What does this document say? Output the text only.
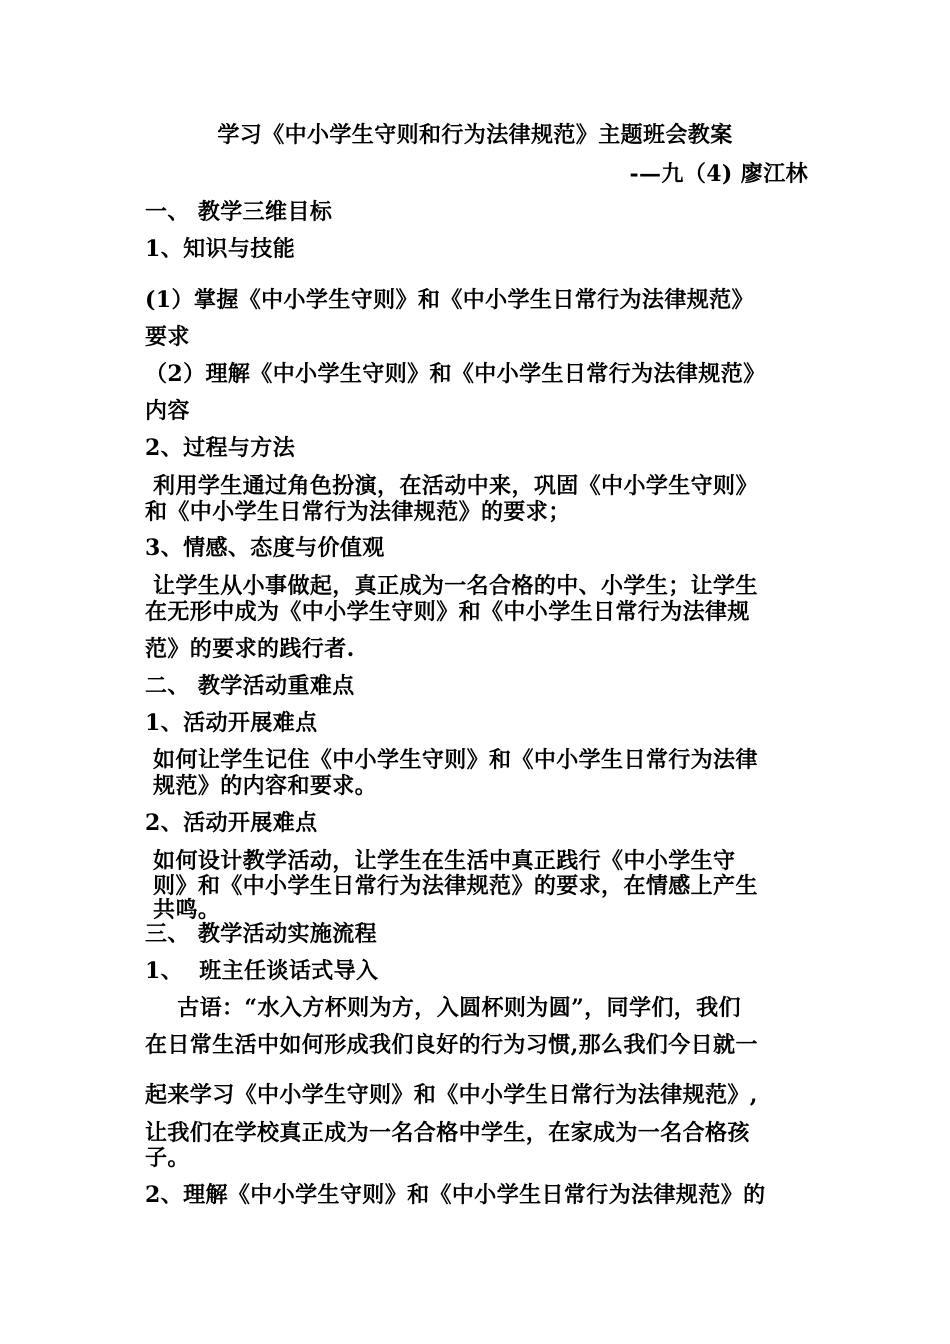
学习《中小学生守则和行为法律规范》主题班会教案
-—九（4) 廖江林
一、 教学三维目标
1、知识与技能
(1）掌握《中小学生守则》和《中小学生日常行为法律规范》
要求
（2）理解《中小学生守则》和《中小学生日常行为法律规范》
内容
2、过程与方法
利用学生通过角色扮演，在活动中来，巩固《中小学生守则》
和《中小学生日常行为法律规范》的要求；
3、情感、态度与价值观
让学生从小事做起，真正成为一名合格的中、小学生；让学生
在无形中成为《中小学生守则》和《中小学生日常行为法律规
范》的要求的践行者.
二、 教学活动重难点
1、活动开展难点
如何让学生记住《中小学生守则》和《中小学生日常行为法律
规范》的内容和要求。
2、活动开展难点
如何设计教学活动，让学生在生活中真正践行《中小学生守
则》和《中小学生日常行为法律规范》的要求，在情感上产生
共鸣。
三、 教学活动实施流程
1、  班主任谈话式导入
古语：“水入方杯则为方，入圆杯则为圆”，同学们，我们
在日常生活中如何形成我们良好的行为习惯,那么我们今日就一
起来学习《中小学生守则》和《中小学生日常行为法律规范》,
让我们在学校真正成为一名合格中学生，在家成为一名合格孩
子。
2、理解《中小学生守则》和《中小学生日常行为法律规范》的
